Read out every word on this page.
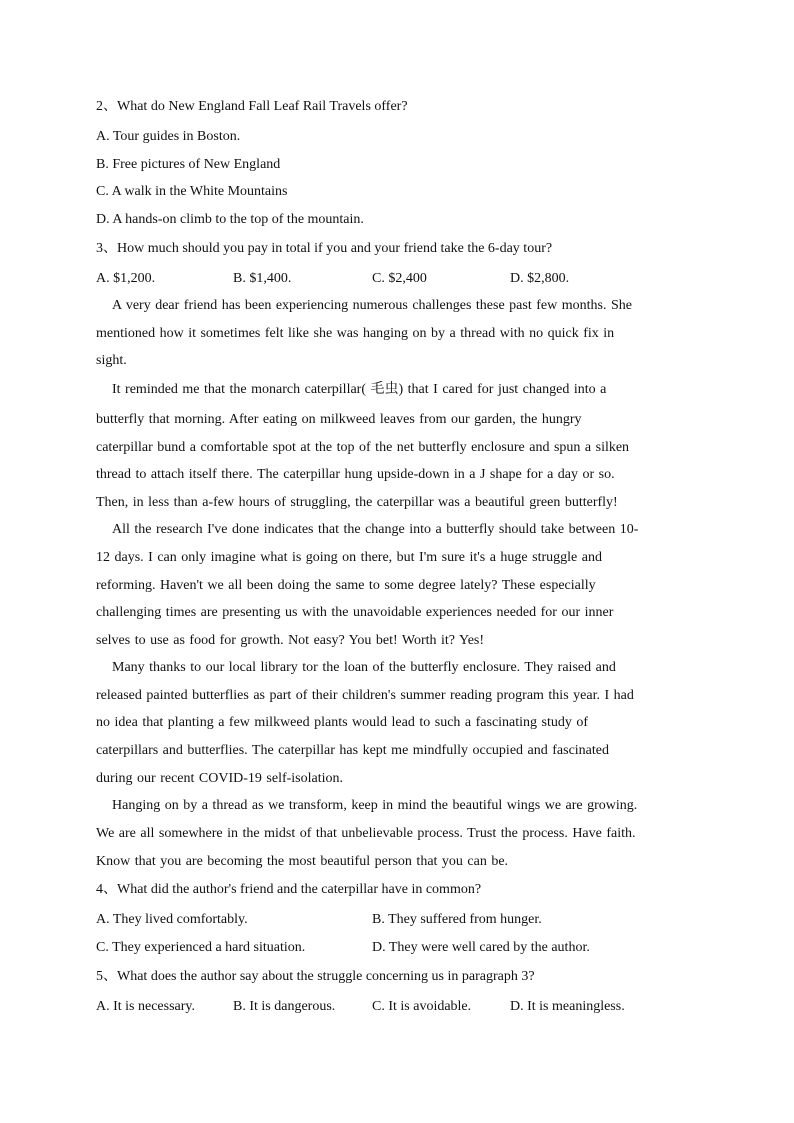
2、What do New England Fall Leaf Rail Travels offer?
A. Tour guides in Boston.
B. Free pictures of New England
C. A walk in the White Mountains
D. A hands-on climb to the top of the mountain.
3、How much should you pay in total if you and your friend take the 6-day tour?
A. $1,200.	B. $1,400.	C. $2,400	D. $2,800.
A very dear friend has been experiencing numerous challenges these past few months. She
mentioned how it sometimes felt like she was hanging on by a thread with no quick fix in
sight.
It reminded me that the monarch caterpillar( 毛虫) that I cared for just changed into a
butterfly that morning. After eating on milkweed leaves from our garden, the hungry
caterpillar bund a comfortable spot at the top of the net butterfly enclosure and spun a silken
thread to attach itself there. The caterpillar hung upside-down in a J shape for a day or so.
Then, in less than a-few hours of struggling, the caterpillar was a beautiful green butterfly!
All the research I've done indicates that the change into a butterfly should take between 10-
12 days. I can only imagine what is going on there, but I'm sure it's a huge struggle and
reforming. Haven't we all been doing the same to some degree lately? These especially
challenging times are presenting us with the unavoidable experiences needed for our inner
selves to use as food for growth. Not easy? You bet! Worth it? Yes!
Many thanks to our local library tor the loan of the butterfly enclosure. They raised and
released painted butterflies as part of their children's summer reading program this year. I had
no idea that planting a few milkweed plants would lead to such a fascinating study of
caterpillars and butterflies. The caterpillar has kept me mindfully occupied and fascinated
during our recent COVID-19 self-isolation.
Hanging on by a thread as we transform, keep in mind the beautiful wings we are growing.
We are all somewhere in the midst of that unbelievable process. Trust the process. Have faith.
Know that you are becoming the most beautiful person that you can be.
4、What did the author's friend and the caterpillar have in common?
A. They lived comfortably.	B. They suffered from hunger.
C. They experienced a hard situation.	D. They were well cared by the author.
5、What does the author say about the struggle concerning us in paragraph 3?
A. It is necessary.	B. It is dangerous.	C. It is avoidable.	D. It is meaningless.
